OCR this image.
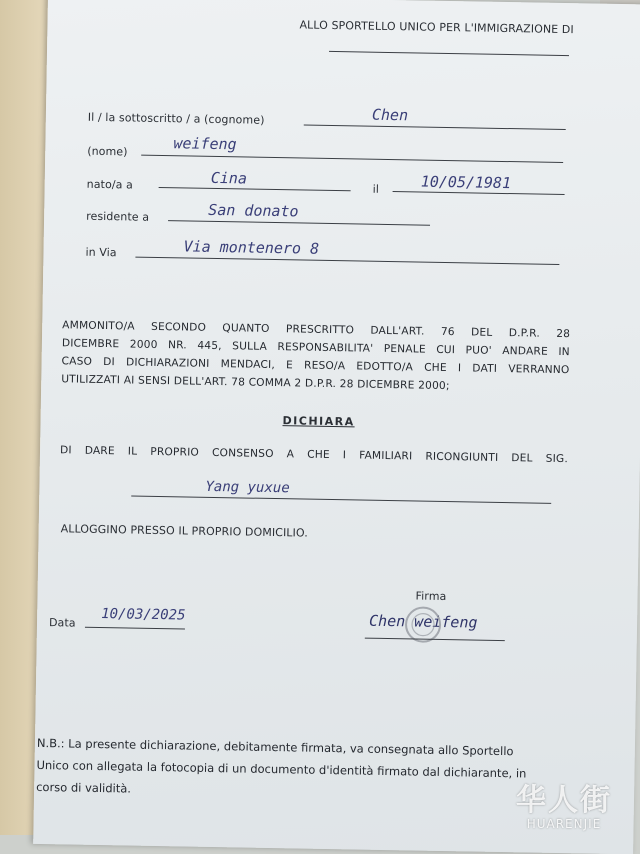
ALLO SPORTELLO UNICO PER L'IMMIGRAZIONE DI
Il / la sottoscritto / a (cognome)	Chen
(nome)	weifeng
nato/a a	Cina
il	10/05/1981
residente a	San donato
in Via	Via montenero 8
AMMONITO/A SECONDO QUANTO PRESCRITTO DALL'ART. 76 DEL D.P.R. 28
DICEMBRE 2000 NR. 445, SULLA RESPONSABILITA' PENALE CUI PUO' ANDARE IN
CASO DI DICHIARAZIONI MENDACI, E RESO/A EDOTTO/A CHE I DATI VERRANNO
UTILIZZATI AI SENSI DELL'ART. 78 COMMA 2 D.P.R. 28 DICEMBRE 2000;
DICHIARA
DI DARE IL PROPRIO CONSENSO A CHE I FAMILIARI RICONGIUNTI DEL SIG.
Yang yuxue
ALLOGGINO PRESSO IL PROPRIO DOMICILIO.
Data 10/03/2025
Firma
Chen weifeng
N.B.: La presente dichiarazione, debitamente firmata, va consegnata allo Sportello
Unico con allegata la fotocopia di un documento d'identità firmato dal dichiarante, in
corso di validità.	华人街
HUARENJIE
